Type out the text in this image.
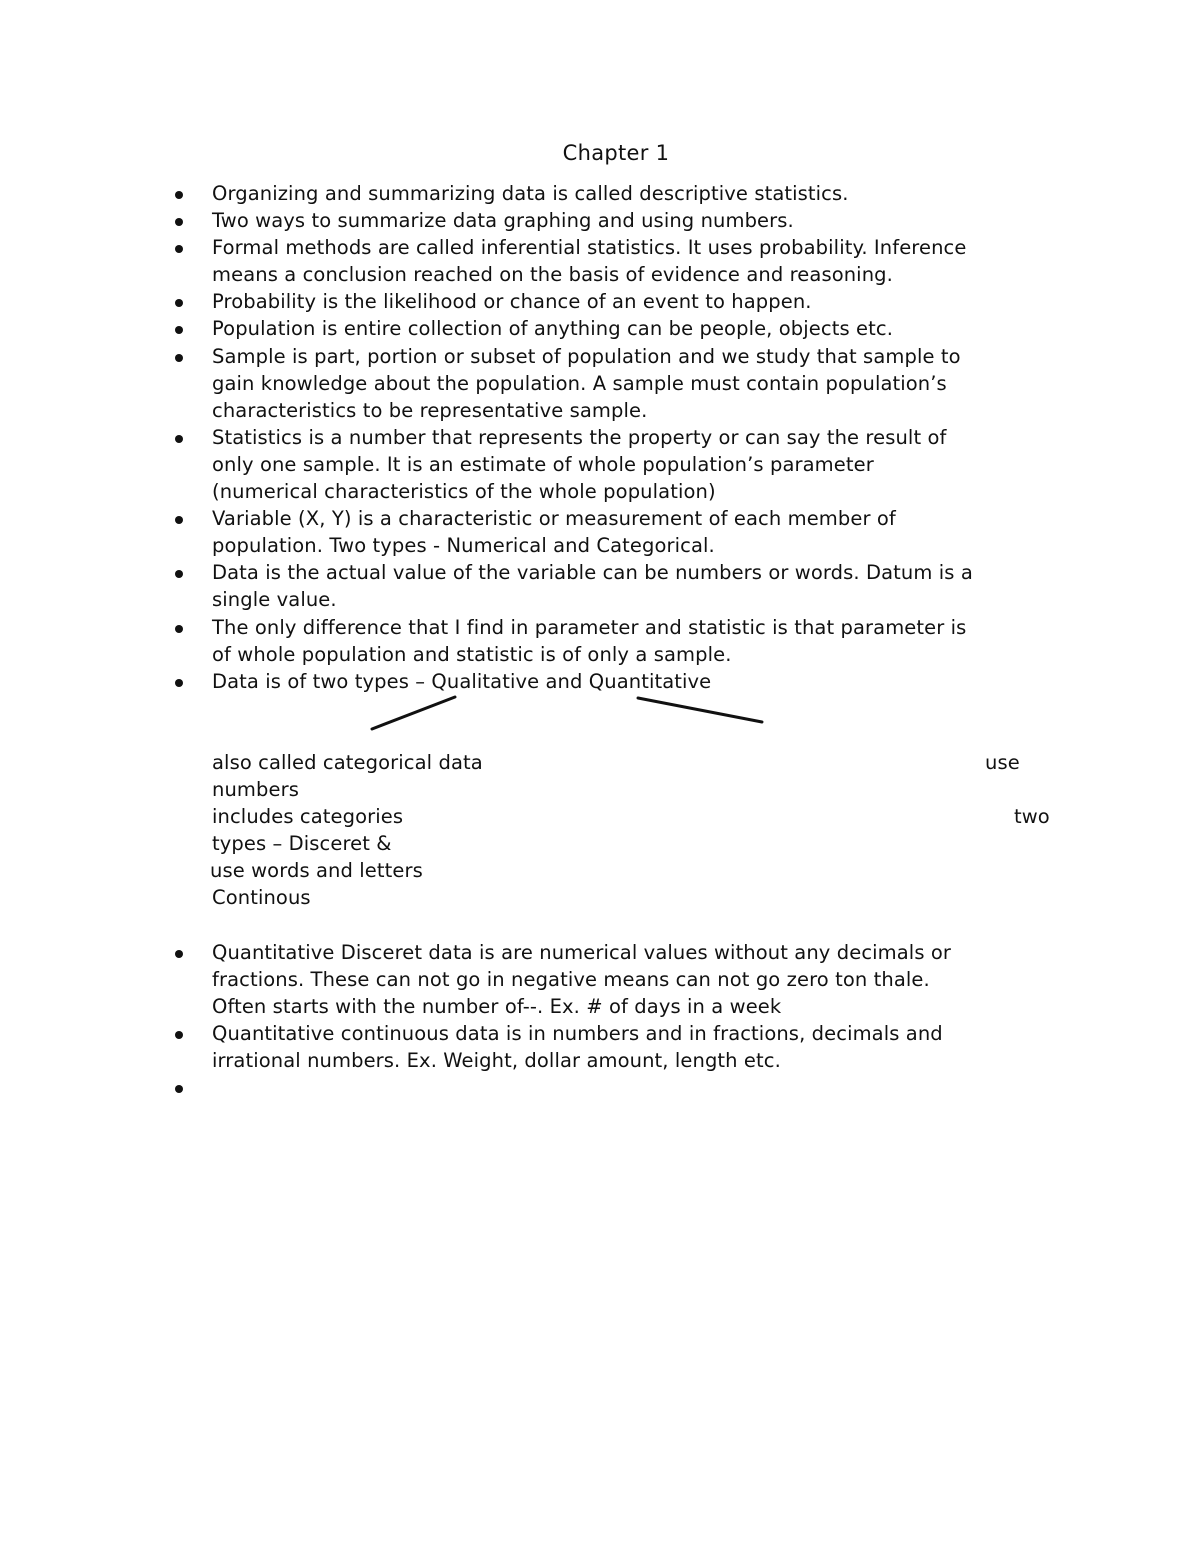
Chapter 1
Organizing and summarizing data is called descriptive statistics.
Two ways to summarize data graphing and using numbers.
Formal methods are called inferential statistics. It uses probability. Inference
means a conclusion reached on the basis of evidence and reasoning.
Probability is the likelihood or chance of an event to happen.
Population is entire collection of anything can be people, objects etc.
Sample is part, portion or subset of population and we study that sample to
gain knowledge about the population. A sample must contain population’s
characteristics to be representative sample.
Statistics is a number that represents the property or can say the result of
only one sample. It is an estimate of whole population’s parameter
(numerical characteristics of the whole population)
Variable (X, Y) is a characteristic or measurement of each member of
population. Two types - Numerical and Categorical.
Data is the actual value of the variable can be numbers or words. Datum is a
single value.
The only difference that I find in parameter and statistic is that parameter is
of whole population and statistic is of only a sample.
Data is of two types – Qualitative and Quantitative

also called categorical data	use

numbers

includes categories	two

types – Disceret &

use words and letters

Continous

Quantitative Disceret data is are numerical values without any decimals or
fractions. These can not go in negative means can not go zero ton thale.
Often starts with the number of--. Ex. # of days in a week
Quantitative continuous data is in numbers and in fractions, decimals and
irrational numbers. Ex. Weight, dollar amount, length etc.
